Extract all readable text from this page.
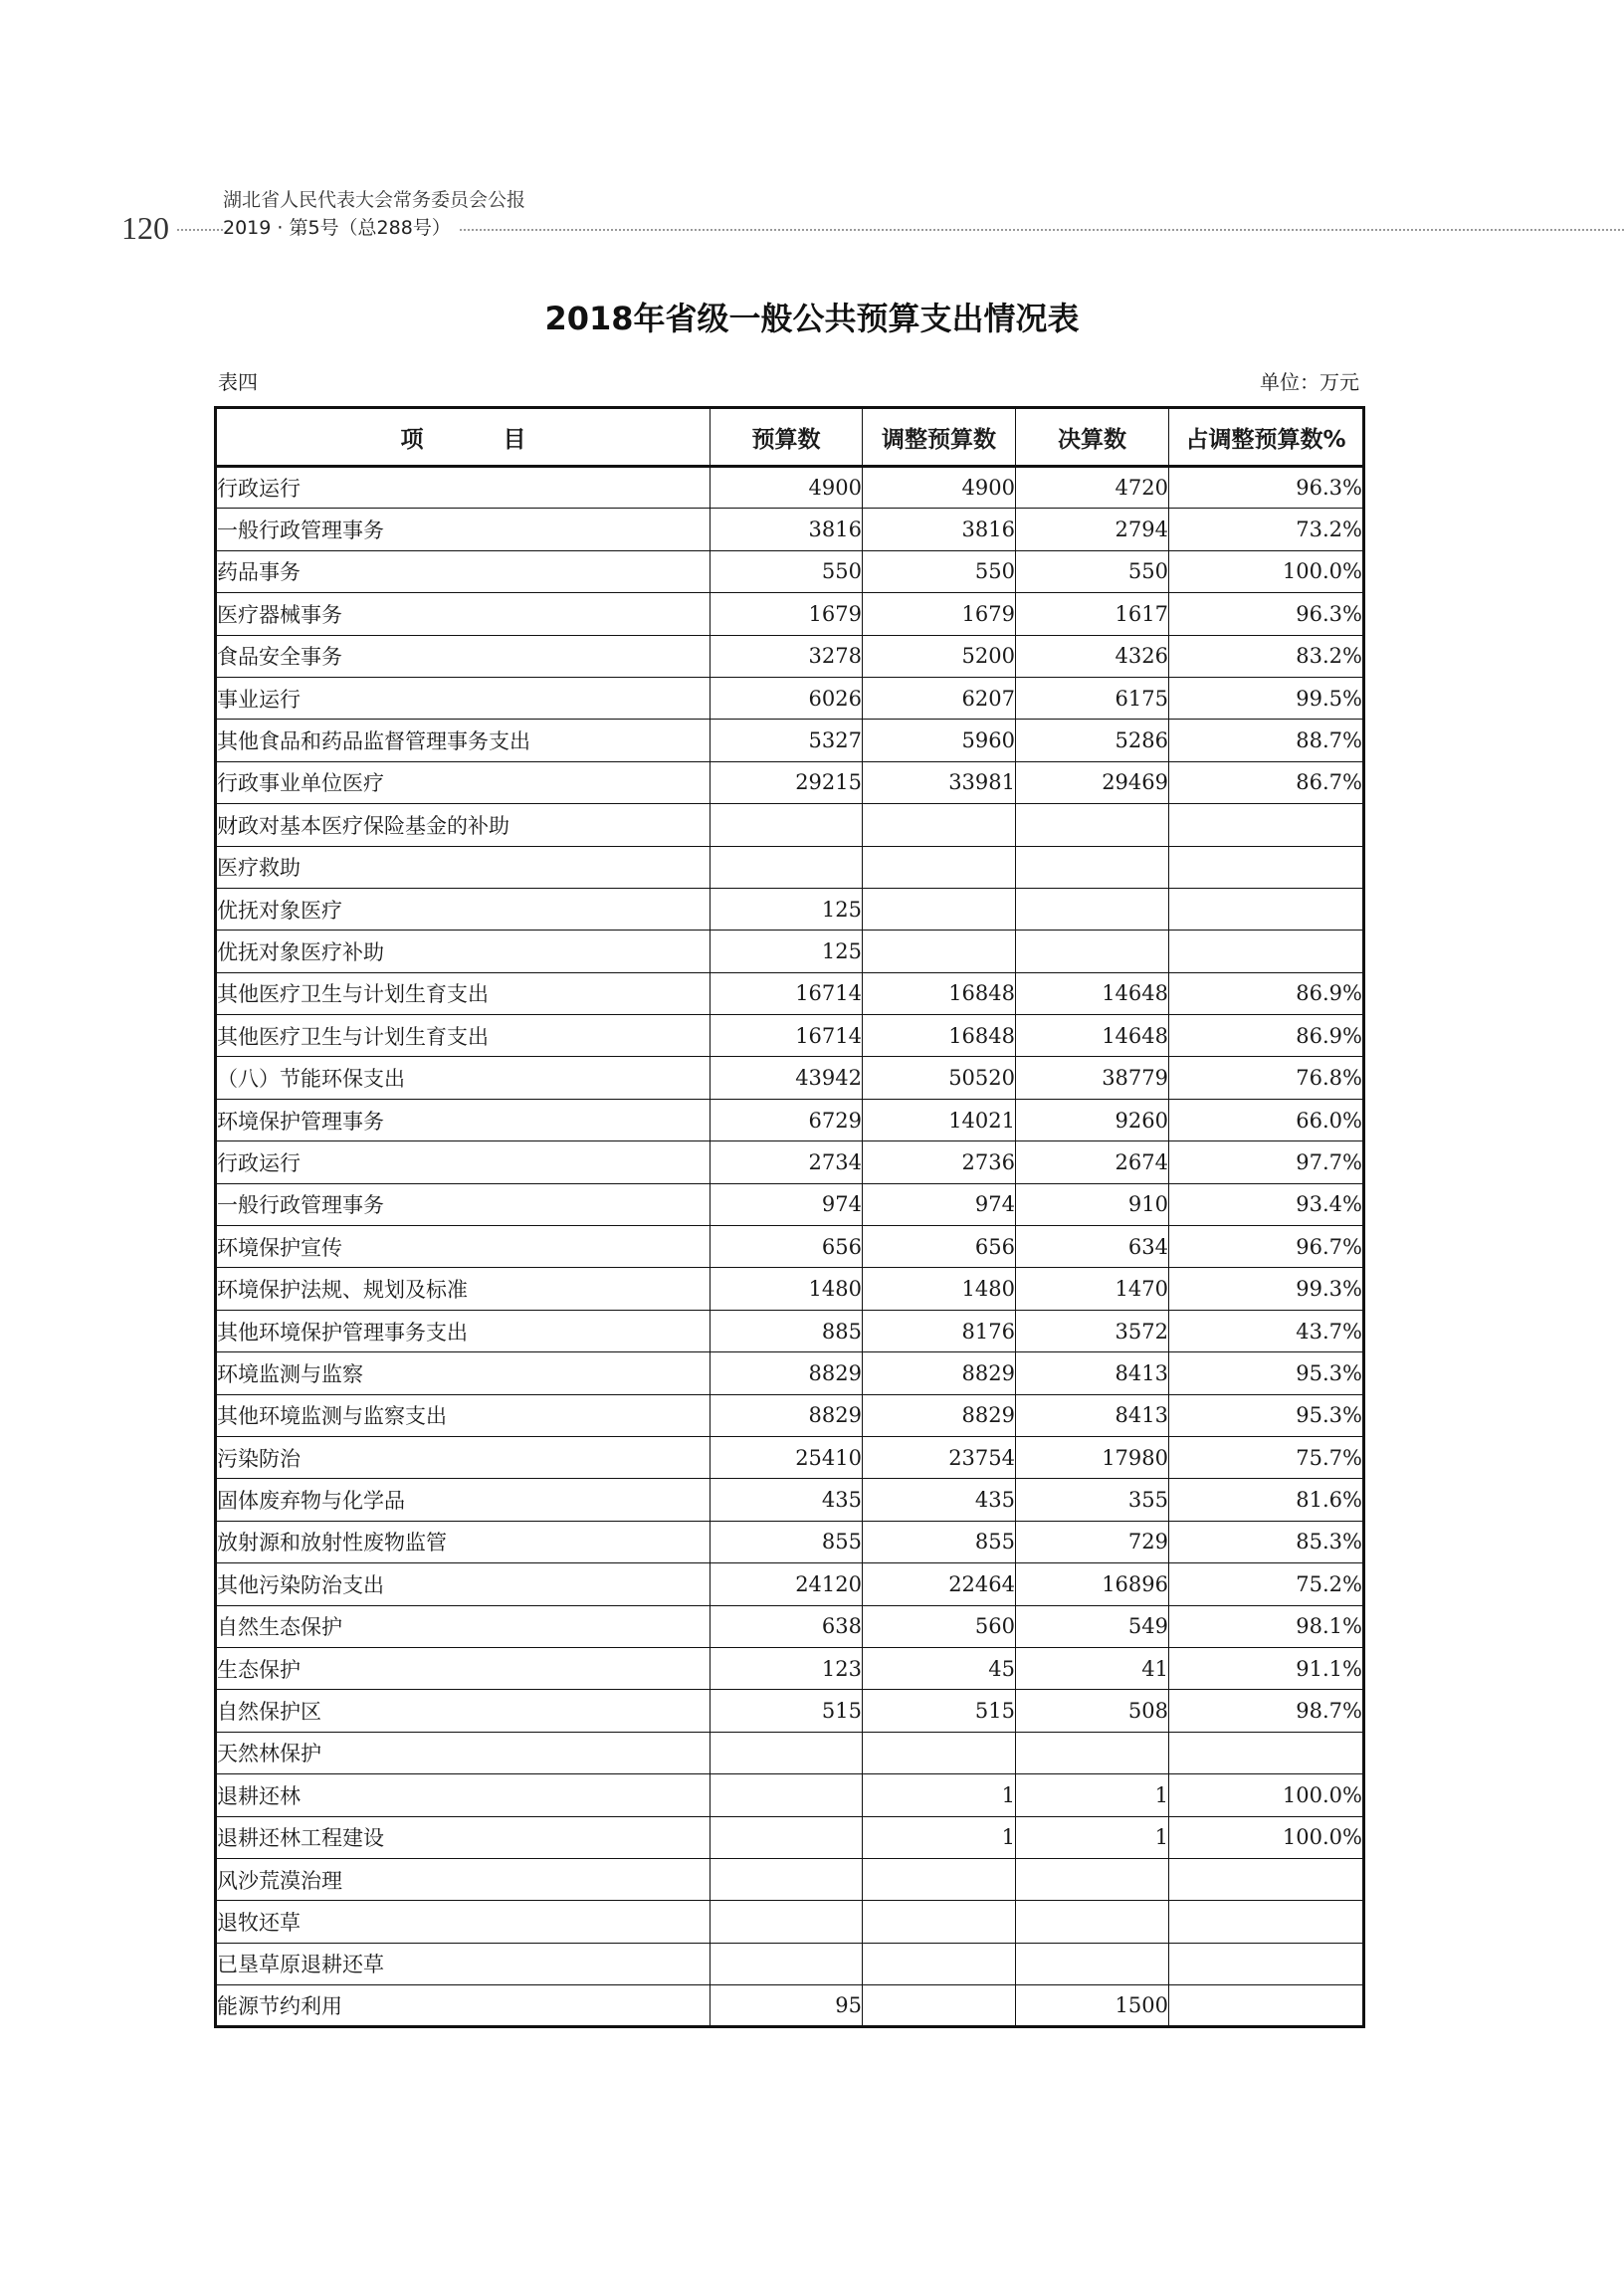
120
湖北省人民代表大会常务委员会公报
2019 · 第5号（总288号）
2018年省级一般公共预算支出情况表
表四	单位：万元
项 目	预算数	调整预算数	决算数	占调整预算数%
行政运行	4900	4900	4720	96.3%
一般行政管理事务	3816	3816	2794	73.2%
药品事务	550	550	550	100.0%
医疗器械事务	1679	1679	1617	96.3%
食品安全事务	3278	5200	4326	83.2%
事业运行	6026	6207	6175	99.5%
其他食品和药品监督管理事务支出	5327	5960	5286	88.7%
行政事业单位医疗	29215	33981	29469	86.7%
财政对基本医疗保险基金的补助				
医疗救助				
优抚对象医疗	125			
优抚对象医疗补助	125			
其他医疗卫生与计划生育支出	16714	16848	14648	86.9%
其他医疗卫生与计划生育支出	16714	16848	14648	86.9%
（八）节能环保支出	43942	50520	38779	76.8%
环境保护管理事务	6729	14021	9260	66.0%
行政运行	2734	2736	2674	97.7%
一般行政管理事务	974	974	910	93.4%
环境保护宣传	656	656	634	96.7%
环境保护法规、规划及标准	1480	1480	1470	99.3%
其他环境保护管理事务支出	885	8176	3572	43.7%
环境监测与监察	8829	8829	8413	95.3%
其他环境监测与监察支出	8829	8829	8413	95.3%
污染防治	25410	23754	17980	75.7%
固体废弃物与化学品	435	435	355	81.6%
放射源和放射性废物监管	855	855	729	85.3%
其他污染防治支出	24120	22464	16896	75.2%
自然生态保护	638	560	549	98.1%
生态保护	123	45	41	91.1%
自然保护区	515	515	508	98.7%
天然林保护				
退耕还林		1	1	100.0%
退耕还林工程建设		1	1	100.0%
风沙荒漠治理				
退牧还草				
已垦草原退耕还草				
能源节约利用	95		1500	
